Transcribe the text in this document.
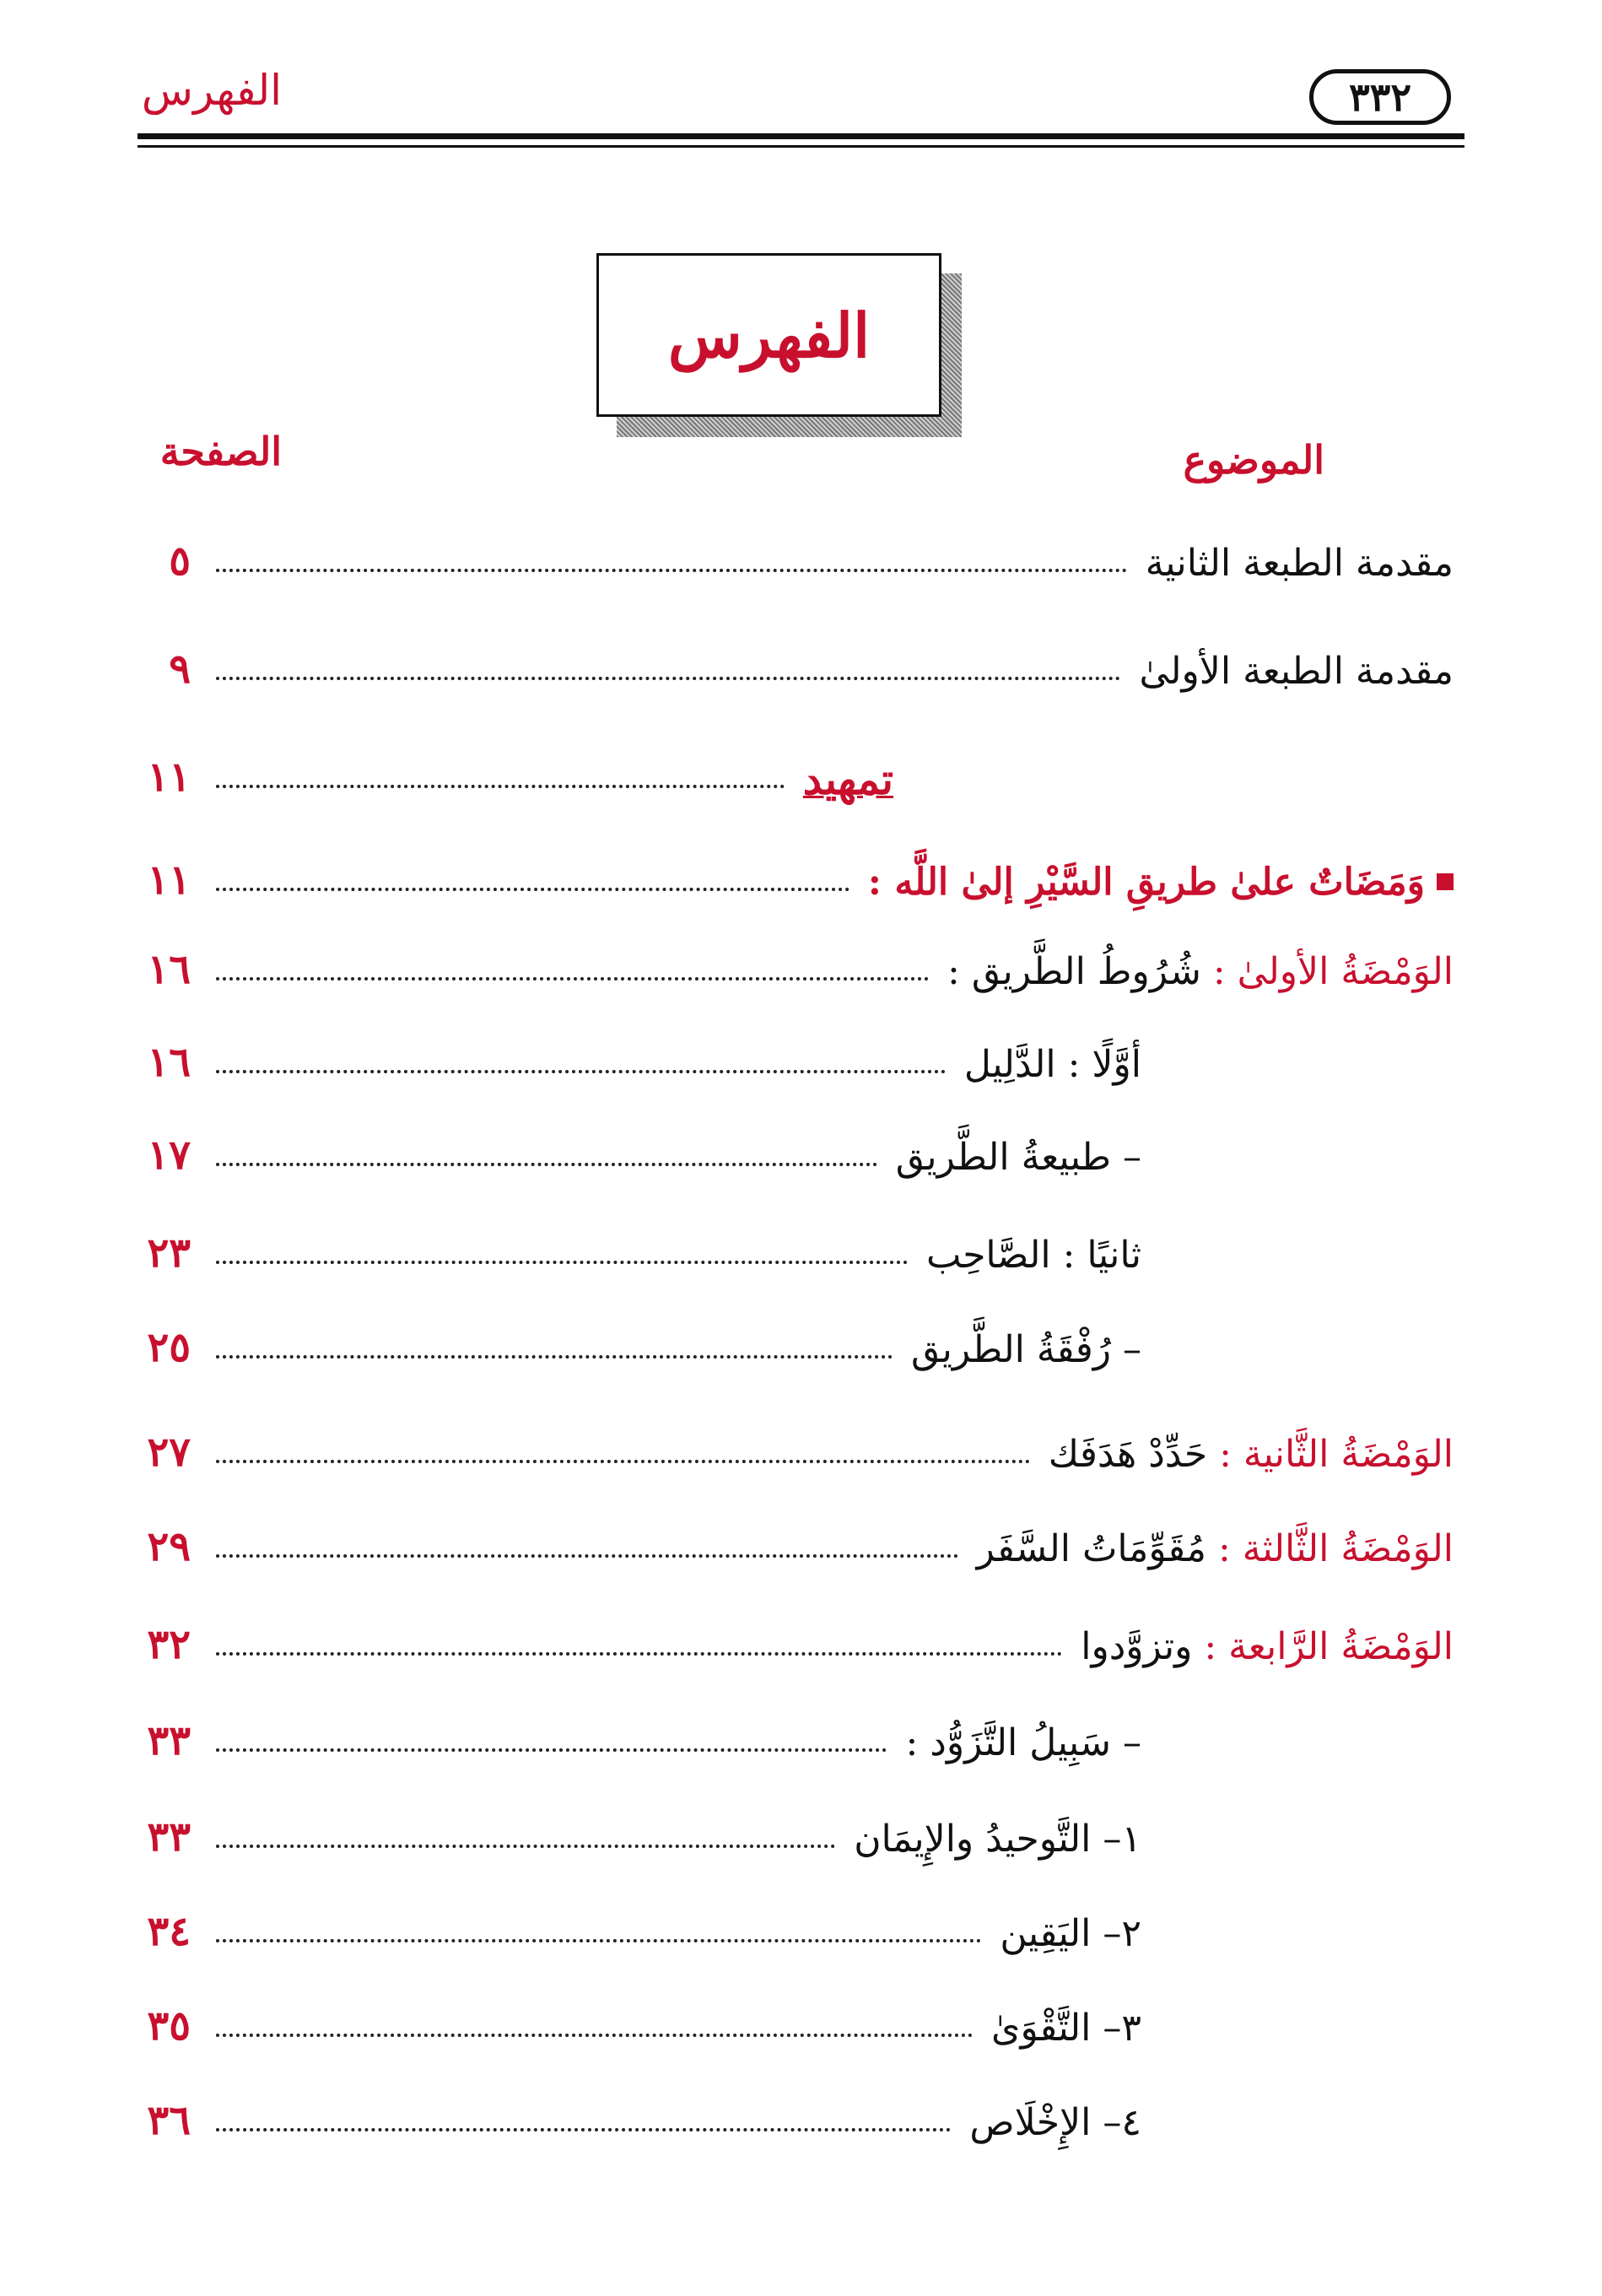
الفهرس	٣٣٢
الفهرس
الموضوع
الصفحة
مقدمة الطبعة الثانية
٥
مقدمة الطبعة الأولىٰ
٩
تمهيد
١١
وَمَضَاتٌ علىٰ طريقِ السَّيْرِ إلىٰ اللَّه :
١١
الوَمْضَةُ الأولىٰ :
شُرُوطُ الطَّريق :
١٦
أوَّلًا : الدَّلِيل
١٦
– طبيعةُ الطَّريق
١٧
ثانيًا : الصَّاحِب
٢٣
– رُفْقَةُ الطَّريق
٢٥
الوَمْضَةُ الثَّانية :
حَدِّدْ هَدَفَك
٢٧
الوَمْضَةُ الثَّالثة :
مُقَوِّمَاتُ السَّفَر
٢٩
الوَمْضَةُ الرَّابعة :
وتزوَّدوا
٣٢
– سَبِيلُ التَّزَوُّد :
٣٣
١– التَّوحيدُ والإِيمَان
٣٣
٢– اليَقِين
٣٤
٣– التَّقْوَىٰ
٣٥
٤– الإِخْلَاص
٣٦
